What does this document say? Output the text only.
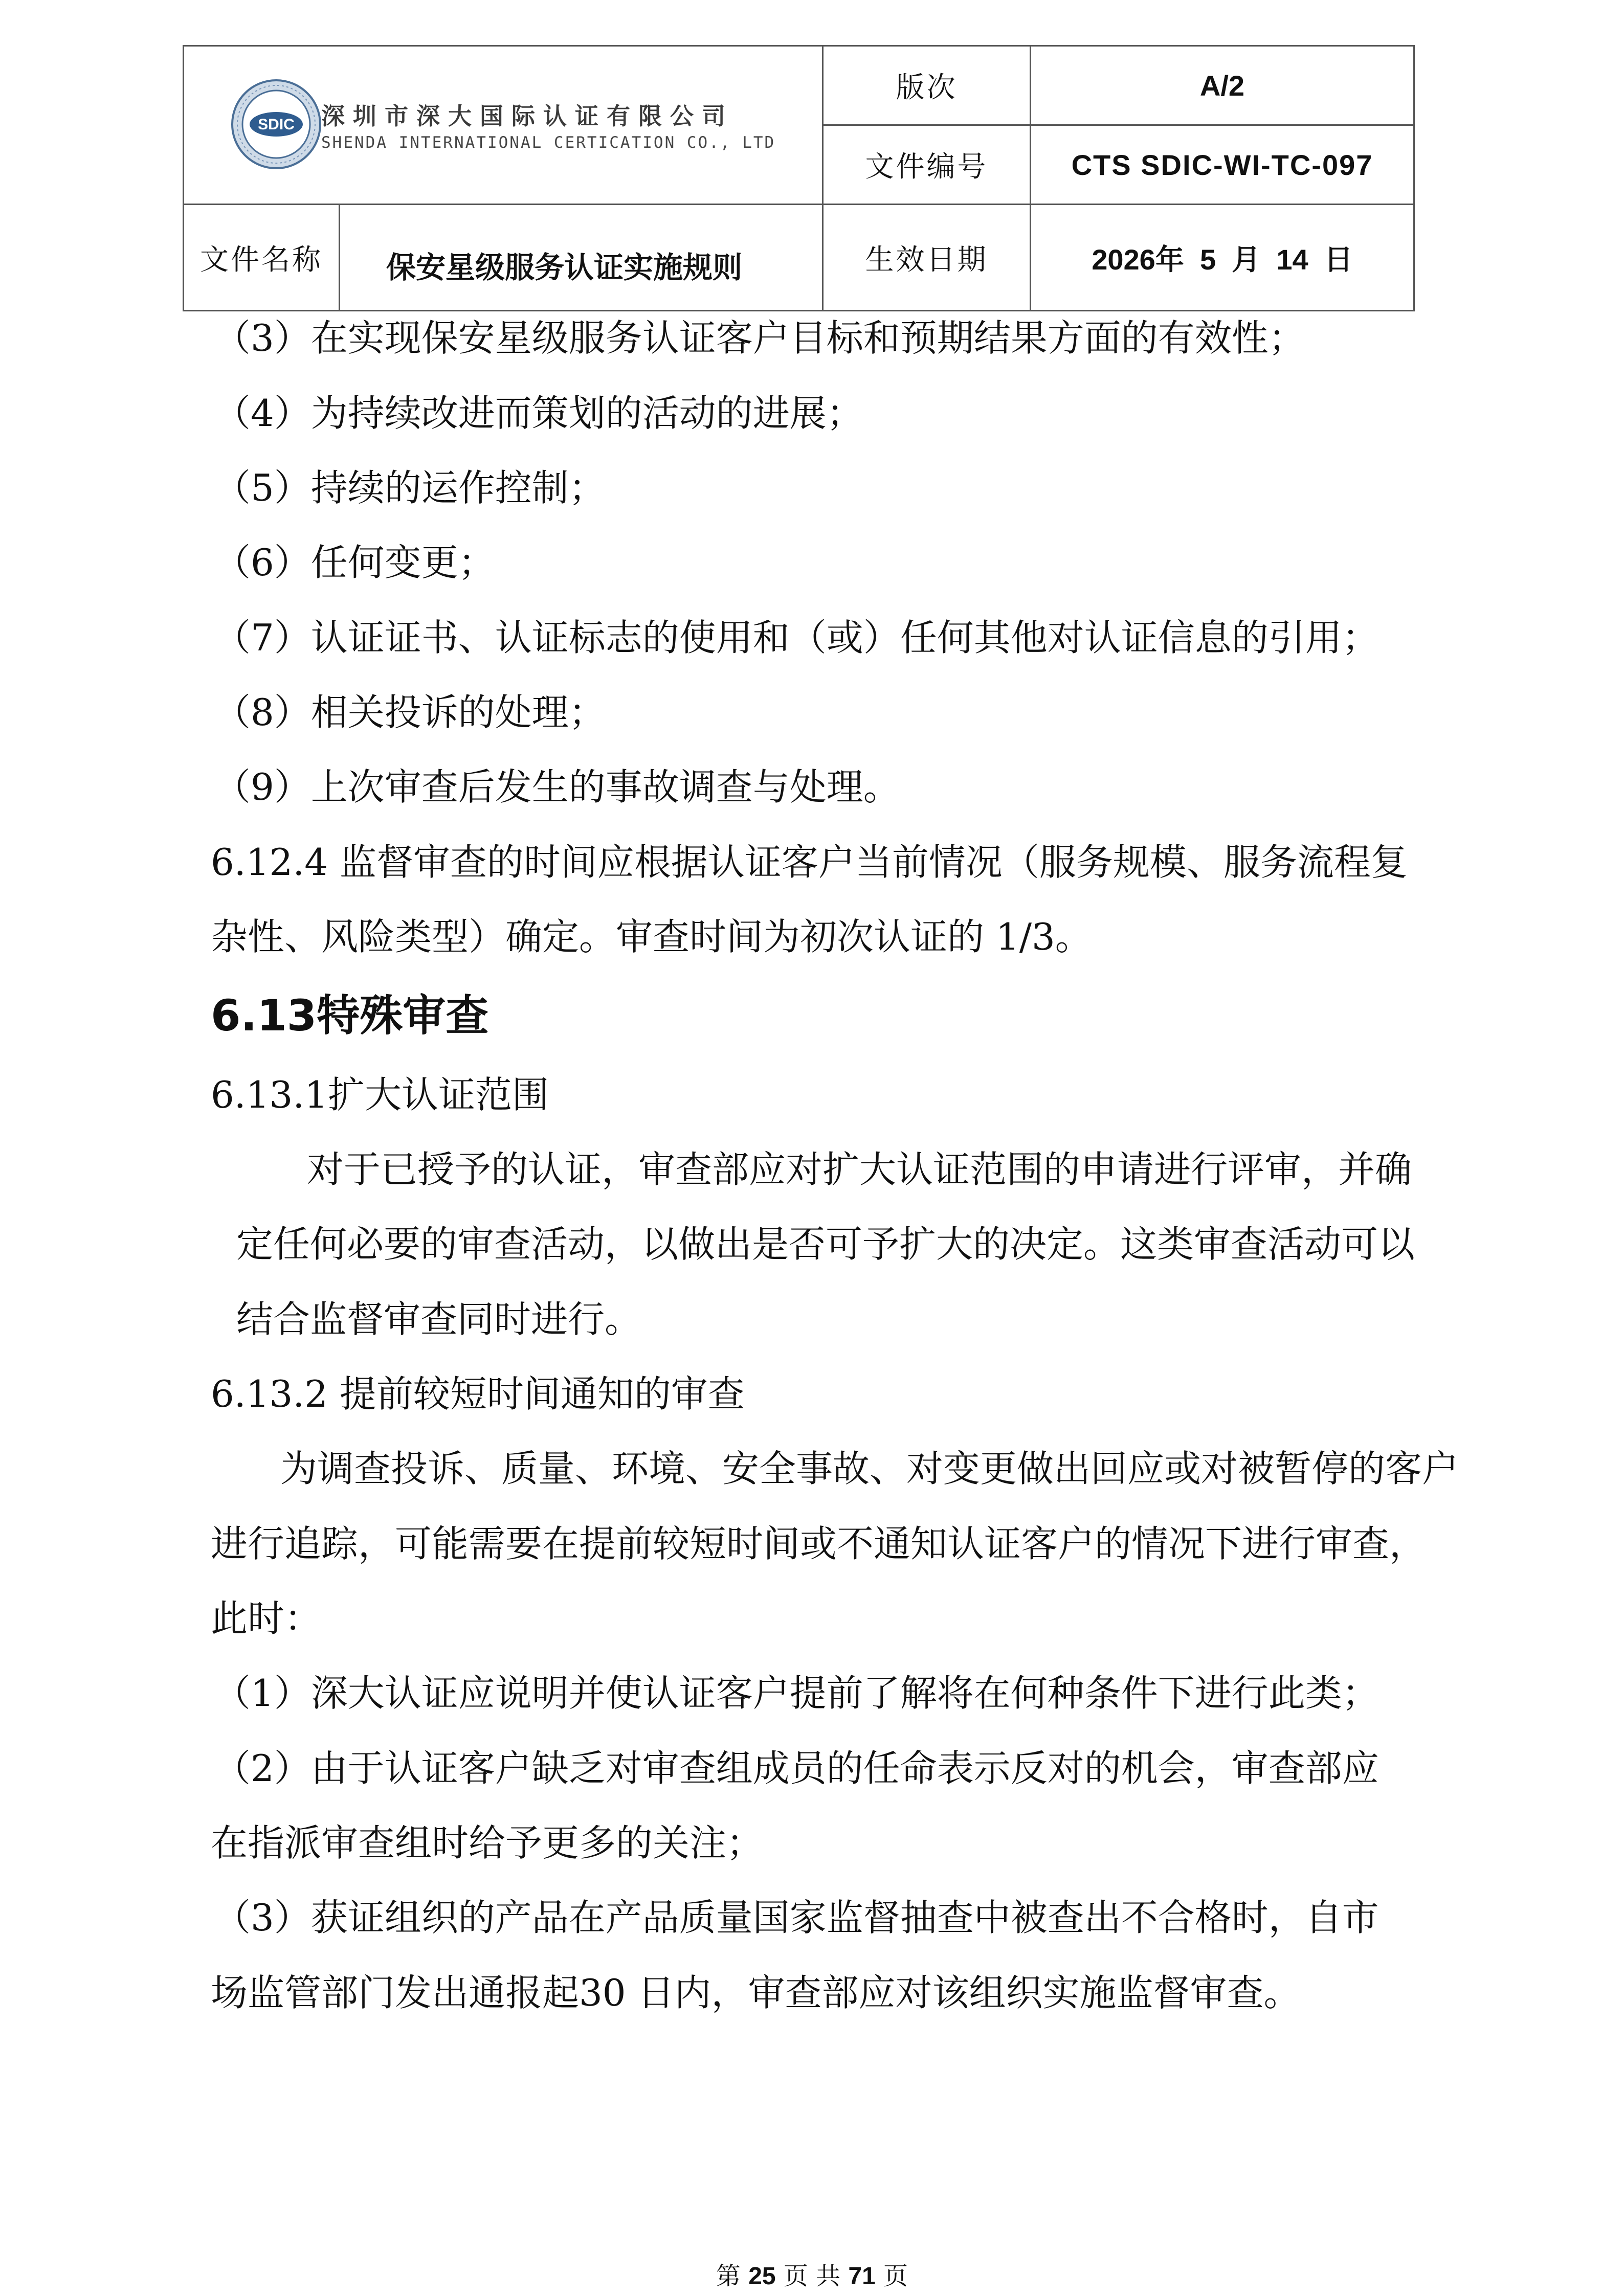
SDIC 深圳市深大国际认证有限公司
SHENDA INTERNATIONAL CERTICATION CO., LTD		版次	A/2
		文件编号	CTS SDIC-WI-TC-097
文件名称	保安星级服务认证实施规则	生效日期	2026年  5  月  14  日
（3）在实现保安星级服务认证客户目标和预期结果方面的有效性；
（4）为持续改进而策划的活动的进展；
（5）持续的运作控制；
（6）任何变更；
（7）认证证书、认证标志的使用和（或）任何其他对认证信息的引用；
（8）相关投诉的处理；
（9）上次审查后发生的事故调查与处理。
6.12.4 监督审查的时间应根据认证客户当前情况（服务规模、服务流程复
杂性、风险类型）确定。审查时间为初次认证的 1/3。
6.13特殊审查
6.13.1扩大认证范围
对于已授予的认证，审查部应对扩大认证范围的申请进行评审，并确
定任何必要的审查活动，以做出是否可予扩大的决定。这类审查活动可以
结合监督审查同时进行。
6.13.2 提前较短时间通知的审查
为调查投诉、质量、环境、安全事故、对变更做出回应或对被暂停的客户
进行追踪，可能需要在提前较短时间或不通知认证客户的情况下进行审查，
此时：
（1）深大认证应说明并使认证客户提前了解将在何种条件下进行此类；
（2）由于认证客户缺乏对审查组成员的任命表示反对的机会，审查部应
在指派审查组时给予更多的关注；
（3）获证组织的产品在产品质量国家监督抽查中被查出不合格时，自市
场监管部门发出通报起30 日内，审查部应对该组织实施监督审查。
第 25 页 共 71 页
